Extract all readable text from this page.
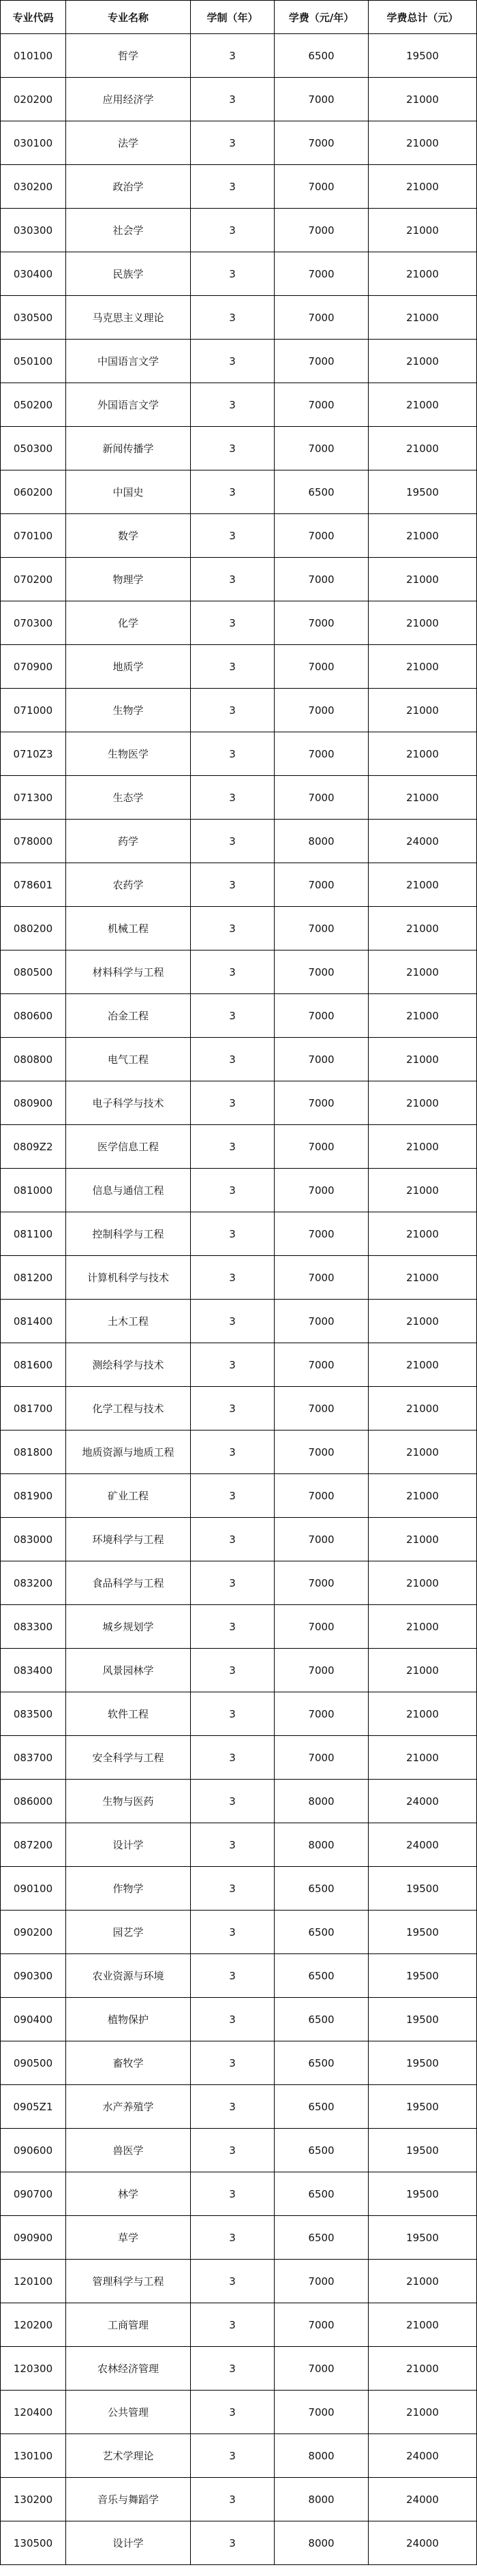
专业代码	专业名称	学制（年）	学费（元/年）	学费总计（元）
010100	哲学	3	6500	19500
020200	应用经济学	3	7000	21000
030100	法学	3	7000	21000
030200	政治学	3	7000	21000
030300	社会学	3	7000	21000
030400	民族学	3	7000	21000
030500	马克思主义理论	3	7000	21000
050100	中国语言文学	3	7000	21000
050200	外国语言文学	3	7000	21000
050300	新闻传播学	3	7000	21000
060200	中国史	3	6500	19500
070100	数学	3	7000	21000
070200	物理学	3	7000	21000
070300	化学	3	7000	21000
070900	地质学	3	7000	21000
071000	生物学	3	7000	21000
0710Z3	生物医学	3	7000	21000
071300	生态学	3	7000	21000
078000	药学	3	8000	24000
078601	农药学	3	7000	21000
080200	机械工程	3	7000	21000
080500	材料科学与工程	3	7000	21000
080600	冶金工程	3	7000	21000
080800	电气工程	3	7000	21000
080900	电子科学与技术	3	7000	21000
0809Z2	医学信息工程	3	7000	21000
081000	信息与通信工程	3	7000	21000
081100	控制科学与工程	3	7000	21000
081200	计算机科学与技术	3	7000	21000
081400	土木工程	3	7000	21000
081600	测绘科学与技术	3	7000	21000
081700	化学工程与技术	3	7000	21000
081800	地质资源与地质工程	3	7000	21000
081900	矿业工程	3	7000	21000
083000	环境科学与工程	3	7000	21000
083200	食品科学与工程	3	7000	21000
083300	城乡规划学	3	7000	21000
083400	风景园林学	3	7000	21000
083500	软件工程	3	7000	21000
083700	安全科学与工程	3	7000	21000
086000	生物与医药	3	8000	24000
087200	设计学	3	8000	24000
090100	作物学	3	6500	19500
090200	园艺学	3	6500	19500
090300	农业资源与环境	3	6500	19500
090400	植物保护	3	6500	19500
090500	畜牧学	3	6500	19500
0905Z1	水产养殖学	3	6500	19500
090600	兽医学	3	6500	19500
090700	林学	3	6500	19500
090900	草学	3	6500	19500
120100	管理科学与工程	3	7000	21000
120200	工商管理	3	7000	21000
120300	农林经济管理	3	7000	21000
120400	公共管理	3	7000	21000
130100	艺术学理论	3	8000	24000
130200	音乐与舞蹈学	3	8000	24000
130500	设计学	3	8000	24000
